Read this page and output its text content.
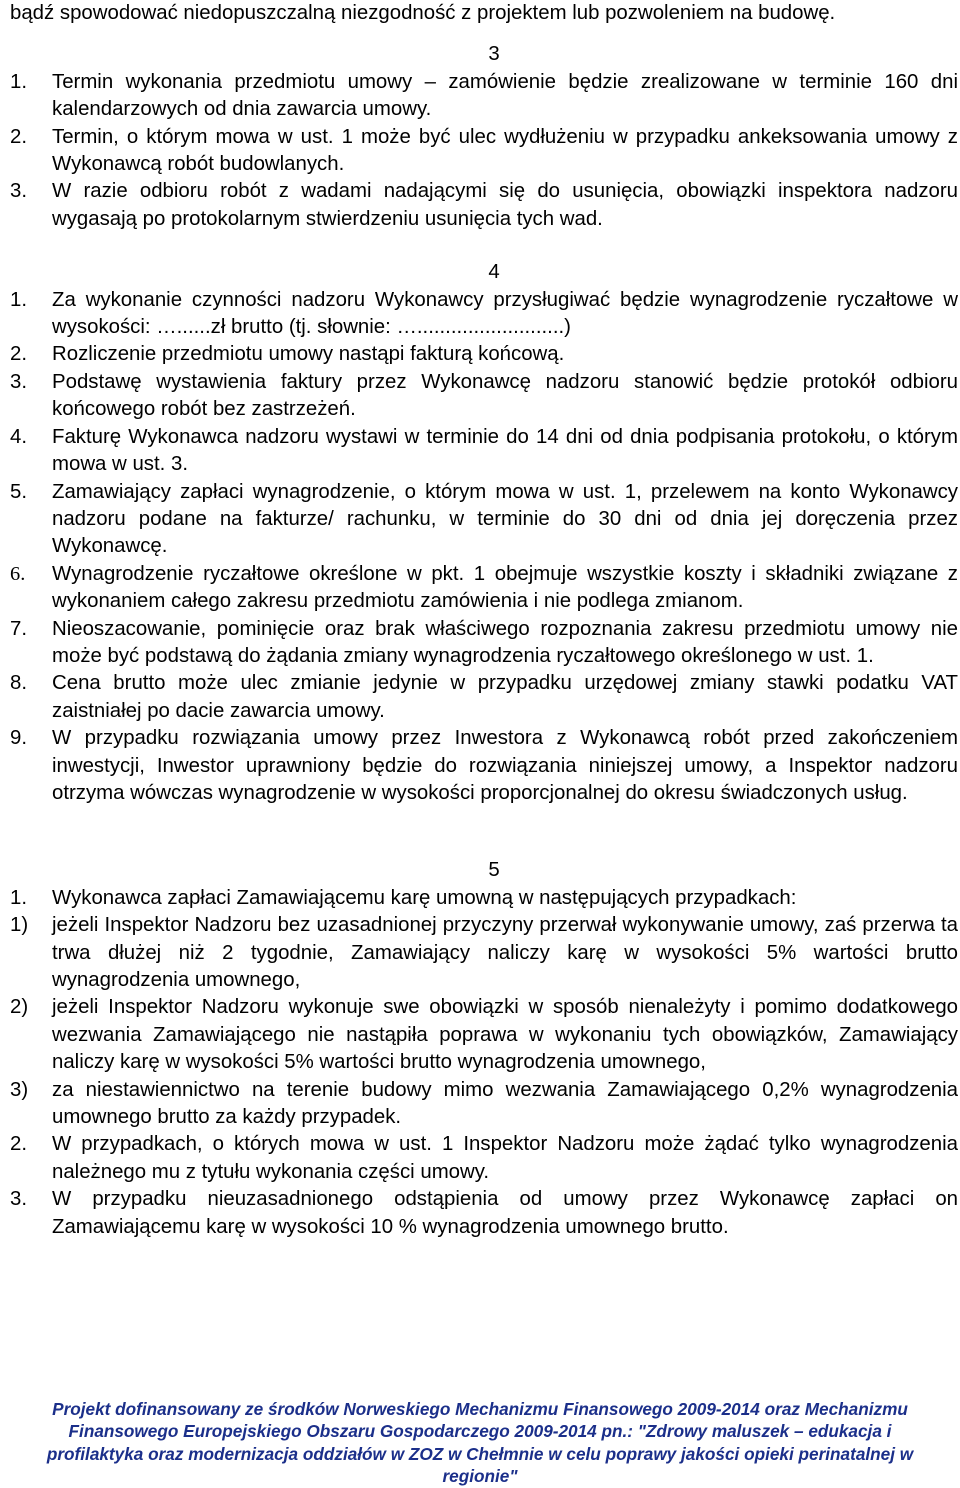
bądź spowodować niedopuszczalną niezgodność z projektem lub pozwoleniem na budowę.

3
1.	Termin wykonania przedmiotu umowy – zamówienie będzie zrealizowane w terminie 160 dni kalendarzowych od dnia zawarcia umowy.
2.	Termin, o którym mowa w ust. 1 może być ulec wydłużeniu w przypadku ankeksowania umowy z Wykonawcą robót budowlanych.
3.	W razie odbioru robót z wadami nadającymi się do usunięcia, obowiązki inspektora nadzoru wygasają po protokolarnym stwierdzeniu usunięcia tych wad.
4
1.	Za wykonanie czynności nadzoru Wykonawcy przysługiwać będzie wynagrodzenie ryczałtowe w wysokości: …......zł brutto (tj. słownie: …..........................)
2.	Rozliczenie przedmiotu umowy nastąpi fakturą końcową.
3.	Podstawę wystawienia faktury przez Wykonawcę nadzoru stanowić będzie protokół odbioru końcowego robót bez zastrzeżeń.
4.	Fakturę Wykonawca nadzoru wystawi w terminie do 14 dni od dnia podpisania protokołu, o którym mowa w ust. 3.
5.	Zamawiający zapłaci wynagrodzenie, o którym mowa w ust. 1, przelewem na konto Wykonawcy nadzoru podane na fakturze/ rachunku, w terminie do 30 dni od dnia jej doręczenia przez Wykonawcę.
6.	Wynagrodzenie ryczałtowe określone w pkt. 1 obejmuje wszystkie koszty i składniki związane z wykonaniem całego zakresu przedmiotu zamówienia i nie podlega zmianom.
7.	Nieoszacowanie, pominięcie oraz brak właściwego rozpoznania zakresu przedmiotu umowy nie może być podstawą do żądania zmiany wynagrodzenia ryczałtowego określonego w ust. 1.
8.	Cena brutto może ulec zmianie jedynie w przypadku urzędowej zmiany stawki podatku VAT zaistniałej po dacie zawarcia umowy.
9.	W przypadku rozwiązania umowy przez Inwestora z Wykonawcą robót przed zakończeniem inwestycji, Inwestor uprawniony będzie do rozwiązania niniejszej umowy, a Inspektor nadzoru otrzyma wówczas wynagrodzenie w wysokości proporcjonalnej do okresu świadczonych usług.
5
1.	Wykonawca zapłaci Zamawiającemu karę umowną w następujących przypadkach:
1)	jeżeli Inspektor Nadzoru bez uzasadnionej przyczyny przerwał wykonywanie umowy, zaś przerwa ta trwa dłużej niż 2 tygodnie, Zamawiający naliczy karę w wysokości 5% wartości brutto wynagrodzenia umownego,
2)	jeżeli Inspektor Nadzoru wykonuje swe obowiązki w sposób nienależyty i pomimo dodatkowego wezwania Zamawiającego nie nastąpiła poprawa w wykonaniu tych obowiązków, Zamawiający naliczy karę w wysokości 5% wartości brutto wynagrodzenia umownego,
3)	za niestawiennictwo na terenie budowy mimo wezwania Zamawiającego 0,2% wynagrodzenia umownego brutto za każdy przypadek.
2.	W przypadkach, o których mowa w ust. 1 Inspektor Nadzoru może żądać tylko wynagrodzenia należnego mu z tytułu wykonania części umowy.
3.	W przypadku nieuzasadnionego odstąpienia od umowy przez Wykonawcę zapłaci on Zamawiającemu karę w wysokości 10 % wynagrodzenia umownego brutto.
Projekt dofinansowany ze środków Norweskiego Mechanizmu Finansowego 2009-2014 oraz Mechanizmu
Finansowego Europejskiego Obszaru Gospodarczego 2009-2014 pn.: "Zdrowy maluszek – edukacja i
profilaktyka oraz modernizacja oddziałów w ZOZ w Chełmnie w celu poprawy jakości opieki perinatalnej w
regionie"
